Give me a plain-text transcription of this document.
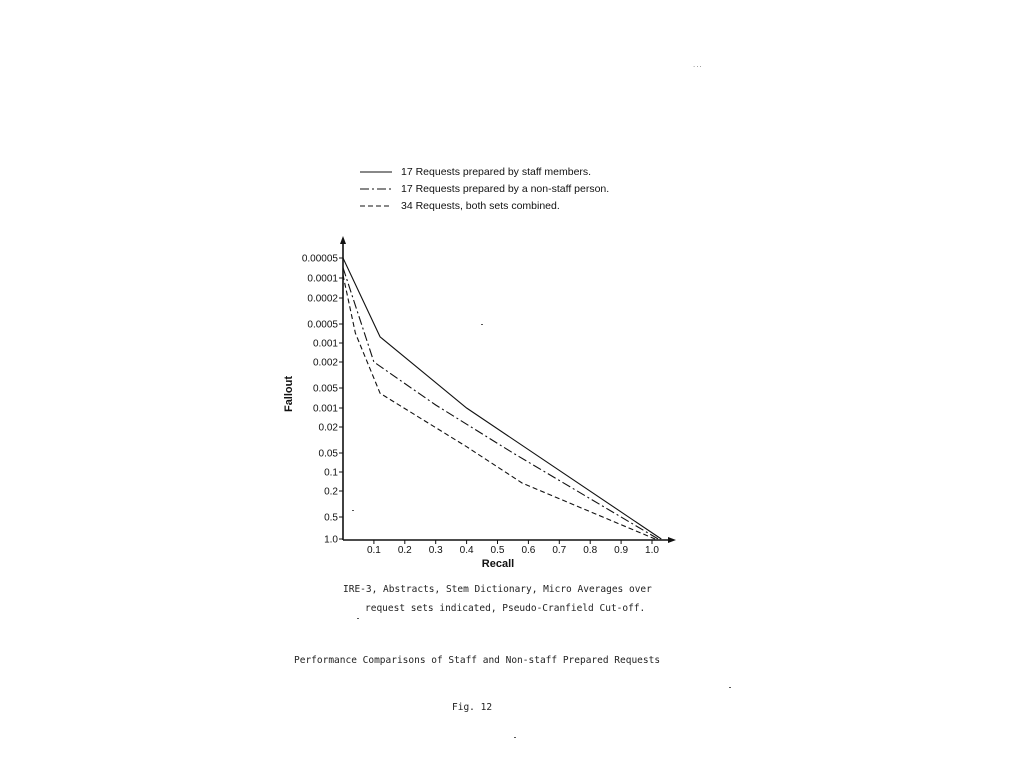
...
17 Requests prepared by staff members.
17 Requests prepared by a non-staff person.
34 Requests, both sets combined.
0.00005
0.0001
0.0002
0.0005
0.001
0.002
0.005
0.001
0.02
0.05
0.1
0.2
0.5
1.0
0.1 0.2 0.3 0.4 0.5 0.6 0.7 0.8 0.9 1.0
Recall
Fallout
IRE-3, Abstracts, Stem Dictionary, Micro Averages over
request sets indicated, Pseudo-Cranfield Cut-off.
Performance Comparisons of Staff and Non-staff Prepared Requests
Fig. 12
